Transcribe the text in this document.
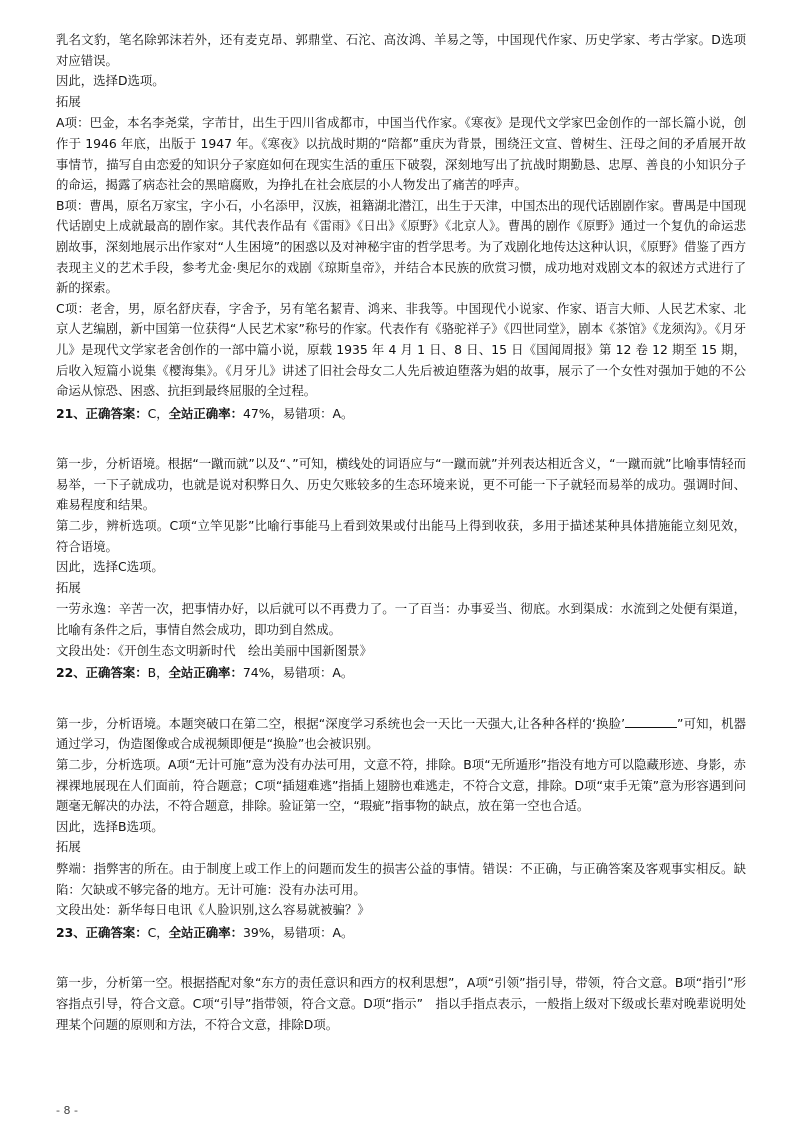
乳名文豹，笔名除郭沫若外，还有麦克昂、郭鼎堂、石沱、高汝鸿、羊易之等，中国现代作家、历史学家、考古学家。D选项对应错误。

因此，选择D选项。

拓展

A项：巴金，本名李尧棠，字芾甘，出生于四川省成都市，中国当代作家。《寒夜》是现代文学家巴金创作的一部长篇小说，创作于 1946 年底，出版于 1947 年。《寒夜》以抗战时期的“陪都”重庆为背景，围绕汪文宣、曾树生、汪母之间的矛盾展开故事情节，描写自由恋爱的知识分子家庭如何在现实生活的重压下破裂，深刻地写出了抗战时期勤恳、忠厚、善良的小知识分子的命运，揭露了病态社会的黑暗腐败，为挣扎在社会底层的小人物发出了痛苦的呼声。

B项：曹禺，原名万家宝，字小石，小名添甲，汉族，祖籍湖北潜江，出生于天津，中国杰出的现代话剧剧作家。曹禺是中国现代话剧史上成就最高的剧作家。其代表作品有《雷雨》《日出》《原野》《北京人》。曹禺的剧作《原野》通过一个复仇的命运悲剧故事，深刻地展示出作家对“人生困境”的困惑以及对神秘宇宙的哲学思考。为了戏剧化地传达这种认识，《原野》借鉴了西方表现主义的艺术手段，参考尤金·奥尼尔的戏剧《琼斯皇帝》，并结合本民族的欣赏习惯，成功地对戏剧文本的叙述方式进行了新的探索。

C项：老舍，男，原名舒庆春，字舍予，另有笔名絜青、鸿来、非我等。中国现代小说家、作家、语言大师、人民艺术家、北京人艺编剧，新中国第一位获得“人民艺术家”称号的作家。代表作有《骆驼祥子》《四世同堂》，剧本《茶馆》《龙须沟》。《月牙儿》是现代文学家老舍创作的一部中篇小说，原载 1935 年 4 月 1 日、8 日、15 日《国闻周报》第 12 卷 12 期至 15 期，后收入短篇小说集《樱海集》。《月牙儿》讲述了旧社会母女二人先后被迫堕落为娼的故事，展示了一个女性对强加于她的不公命运从惊恐、困惑、抗拒到最终屈服的全过程。

21、正确答案：C，全站正确率：47%，易错项：A。

第一步，分析语境。根据“一蹴而就”以及“、”可知，横线处的词语应与“一蹴而就”并列表达相近含义，“一蹴而就”比喻事情轻而易举，一下子就成功，也就是说对积弊日久、历史欠账较多的生态环境来说，更不可能一下子就轻而易举的成功。强调时间、难易程度和结果。

第二步，辨析选项。C项“立竿见影”比喻行事能马上看到效果或付出能马上得到收获，多用于描述某种具体措施能立刻见效，符合语境。

因此，选择C选项。

拓展

一劳永逸：辛苦一次，把事情办好，以后就可以不再费力了。一了百当：办事妥当、彻底。水到渠成：水流到之处便有渠道，比喻有条件之后，事情自然会成功，即功到自然成。

文段出处：《开创生态文明新时代　绘出美丽中国新图景》

22、正确答案：B，全站正确率：74%，易错项：A。

第一步，分析语境。本题突破口在第二空，根据“深度学习系统也会一天比一天强大,让各种各样的‘换脸’	”可知，机器通过学习，伪造图像或合成视频即便是“换脸”也会被识别。

第二步，分析选项。A项“无计可施”意为没有办法可用，文意不符，排除。B项“无所遁形”指没有地方可以隐藏形迹、身影，赤裸裸地展现在人们面前，符合题意；C项“插翅难逃”指插上翅膀也难逃走，不符合文意，排除。D项“束手无策”意为形容遇到问题毫无解决的办法，不符合题意，排除。验证第一空，“瑕疵”指事物的缺点，放在第一空也合适。

因此，选择B选项。

拓展

弊端：指弊害的所在。由于制度上或工作上的问题而发生的损害公益的事情。错误：不正确，与正确答案及客观事实相反。缺陷：欠缺或不够完备的地方。无计可施：没有办法可用。

文段出处：新华每日电讯《人脸识别,这么容易就被骗？》

23、正确答案：C，全站正确率：39%，易错项：A。

第一步，分析第一空。根据搭配对象“东方的责任意识和西方的权利思想”，A项“引领”指引导，带领，符合文意。B项“指引”形容指点引导，符合文意。C项“引导”指带领，符合文意。D项“指示”　指以手指点表示，一般指上级对下级或长辈对晚辈说明处理某个问题的原则和方法，不符合文意，排除D项。

- 8 -
